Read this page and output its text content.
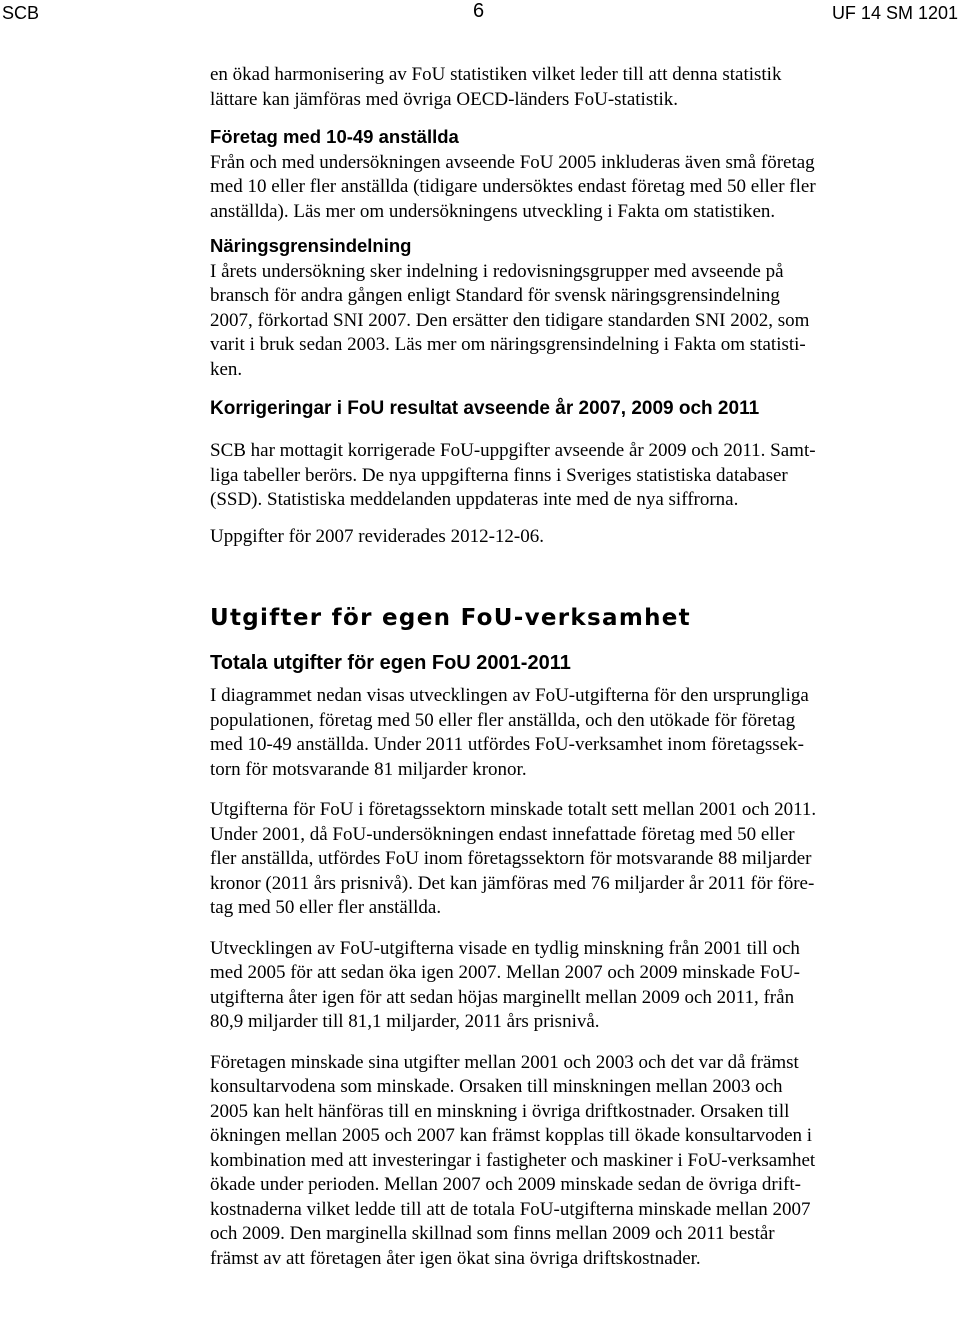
SCB	6	UF 14 SM 1201

en ökad harmonisering av FoU statistiken vilket leder till att denna statistik
lättare kan jämföras med övriga OECD-länders FoU-statistik.

Företag med 10-49 anställda
Från och med undersökningen avseende FoU 2005 inkluderas även små företag
med 10 eller fler anställda (tidigare undersöktes endast företag med 50 eller fler
anställda). Läs mer om undersökningens utveckling i Fakta om statistiken.

Näringsgrensindelning
I årets undersökning sker indelning i redovisningsgrupper med avseende på
bransch för andra gången enligt Standard för svensk näringsgrensindelning
2007, förkortad SNI 2007. Den ersätter den tidigare standarden SNI 2002, som
varit i bruk sedan 2003. Läs mer om näringsgrensindelning i Fakta om statisti-
ken.

Korrigeringar i FoU resultat avseende år 2007, 2009 och 2011

SCB har mottagit korrigerade FoU-uppgifter avseende år 2009 och 2011. Samt-
liga tabeller berörs. De nya uppgifterna finns i Sveriges statistiska databaser
(SSD). Statistiska meddelanden uppdateras inte med de nya siffrorna.

Uppgifter för 2007 reviderades 2012-12-06.

Utgifter för egen FoU-verksamhet
Totala utgifter för egen FoU 2001-2011

I diagrammet nedan visas utvecklingen av FoU-utgifterna för den ursprungliga
populationen, företag med 50 eller fler anställda, och den utökade för företag
med 10-49 anställda. Under 2011 utfördes FoU-verksamhet inom företagssek-
torn för motsvarande 81 miljarder kronor.

Utgifterna för FoU i företagssektorn minskade totalt sett mellan 2001 och 2011.
Under 2001, då FoU-undersökningen endast innefattade företag med 50 eller
fler anställda, utfördes FoU inom företagssektorn för motsvarande 88 miljarder
kronor (2011 års prisnivå). Det kan jämföras med 76 miljarder år 2011 för före-
tag med 50 eller fler anställda.

Utvecklingen av FoU-utgifterna visade en tydlig minskning från 2001 till och
med 2005 för att sedan öka igen 2007. Mellan 2007 och 2009 minskade FoU-
utgifterna åter igen för att sedan höjas marginellt mellan 2009 och 2011, från
80,9 miljarder till 81,1 miljarder, 2011 års prisnivå.

Företagen minskade sina utgifter mellan 2001 och 2003 och det var då främst
konsultarvodena som minskade. Orsaken till minskningen mellan 2003 och
2005 kan helt hänföras till en minskning i övriga driftkostnader. Orsaken till
ökningen mellan 2005 och 2007 kan främst kopplas till ökade konsultarvoden i
kombination med att investeringar i fastigheter och maskiner i FoU-verksamhet
ökade under perioden. Mellan 2007 och 2009 minskade sedan de övriga drift-
kostnaderna vilket ledde till att de totala FoU-utgifterna minskade mellan 2007
och 2009. Den marginella skillnad som finns mellan 2009 och 2011 består
främst av att företagen åter igen ökat sina övriga driftskostnader.
